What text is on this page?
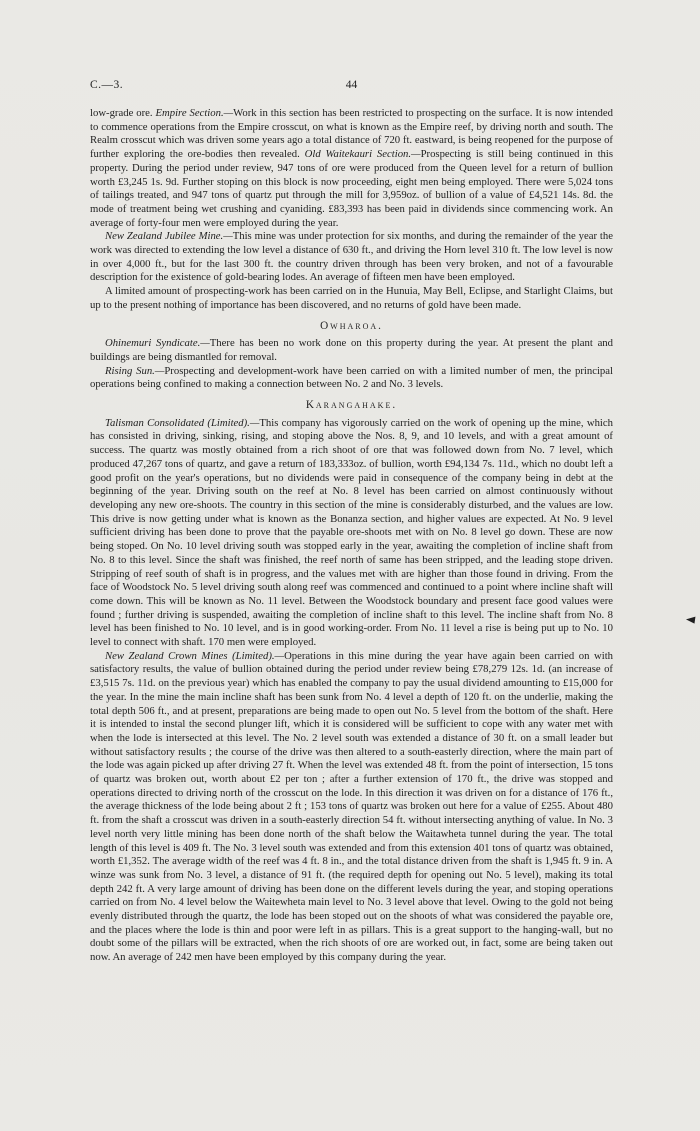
C.—3.	44

low-grade ore. Empire Section.—Work in this section has been restricted to prospecting on the surface. It is now intended to commence operations from the Empire crosscut, on what is known as the Empire reef, by driving north and south. The Realm crosscut which was driven some years ago a total distance of 720 ft. eastward, is being reopened for the purpose of further exploring the ore-bodies then revealed. Old Waitekauri Section.—Prospecting is still being continued in this property. During the period under review, 947 tons of ore were produced from the Queen level for a return of bullion worth £3,245 1s. 9d. Further stoping on this block is now proceeding, eight men being employed. There were 5,024 tons of tailings treated, and 947 tons of quartz put through the mill for 3,959oz. of bullion of a value of £4,521 14s. 8d. the mode of treatment being wet crushing and cyaniding. £83,393 has been paid in dividends since commencing work. An average of forty-four men were employed during the year.

New Zealand Jubilee Mine.—This mine was under protection for six months, and during the remainder of the year the work was directed to extending the low level a distance of 630 ft., and driving the Horn level 310 ft. The low level is now in over 4,000 ft., but for the last 300 ft. the country driven through has been very broken, and not of a favourable description for the existence of gold-bearing lodes. An average of fifteen men have been employed.

A limited amount of prospecting-work has been carried on in the Hunuia, May Bell, Eclipse, and Starlight Claims, but up to the present nothing of importance has been discovered, and no returns of gold have been made.

Owharoa.

Ohinemuri Syndicate.—There has been no work done on this property during the year. At present the plant and buildings are being dismantled for removal.

Rising Sun.—Prospecting and development-work have been carried on with a limited number of men, the principal operations being confined to making a connection between No. 2 and No. 3 levels.

Karangahake.

Talisman Consolidated (Limited).—This company has vigorously carried on the work of opening up the mine, which has consisted in driving, sinking, rising, and stoping above the Nos. 8, 9, and 10 levels, and with a great amount of success. The quartz was mostly obtained from a rich shoot of ore that was followed down from No. 7 level, which produced 47,267 tons of quartz, and gave a return of 183,333oz. of bullion, worth £94,134 7s. 11d., which no doubt left a good profit on the year's operations, but no dividends were paid in consequence of the company being in debt at the beginning of the year. Driving south on the reef at No. 8 level has been carried on almost continuously without developing any new ore-shoots. The country in this section of the mine is considerably disturbed, and the values are low. This drive is now getting under what is known as the Bonanza section, and higher values are expected. At No. 9 level sufficient driving has been done to prove that the payable ore-shoots met with on No. 8 level go down. These are now being stoped. On No. 10 level driving south was stopped early in the year, awaiting the completion of incline shaft from No. 8 to this level. Since the shaft was finished, the reef north of same has been stripped, and the leading stope driven. Stripping of reef south of shaft is in progress, and the values met with are higher than those found in driving. From the face of Woodstock No. 5 level driving south along reef was commenced and continued to a point where incline shaft will come down. This will be known as No. 11 level. Between the Woodstock boundary and present face good values were found ; further driving is suspended, awaiting the completion of incline shaft to this level. The incline shaft from No. 8 level has been finished to No. 10 level, and is in good working-order. From No. 11 level a rise is being put up to No. 10 level to connect with shaft. 170 men were employed.

New Zealand Crown Mines (Limited).—Operations in this mine during the year have again been carried on with satisfactory results, the value of bullion obtained during the period under review being £78,279 12s. 1d. (an increase of £3,515 7s. 11d. on the previous year) which has enabled the company to pay the usual dividend amounting to £15,000 for the year. In the mine the main incline shaft has been sunk from No. 4 level a depth of 120 ft. on the underlie, making the total depth 506 ft., and at present, preparations are being made to open out No. 5 level from the bottom of the shaft. Here it is intended to instal the second plunger lift, which it is considered will be sufficient to cope with any water met with when the lode is intersected at this level. The No. 2 level south was extended a distance of 30 ft. on a small leader but without satisfactory results ; the course of the drive was then altered to a south-easterly direction, where the main part of the lode was again picked up after driving 27 ft. When the level was extended 48 ft. from the point of intersection, 15 tons of quartz was broken out, worth about £2 per ton ; after a further extension of 170 ft., the drive was stopped and operations directed to driving north of the crosscut on the lode. In this direction it was driven on for a distance of 176 ft., the average thickness of the lode being about 2 ft ; 153 tons of quartz was broken out here for a value of £255. About 480 ft. from the shaft a crosscut was driven in a south-easterly direction 54 ft. without intersecting anything of value. In No. 3 level north very little mining has been done north of the shaft below the Waitawheta tunnel during the year. The total length of this level is 409 ft. The No. 3 level south was extended and from this extension 401 tons of quartz was obtained, worth £1,352. The average width of the reef was 4 ft. 8 in., and the total distance driven from the shaft is 1,945 ft. 9 in. A winze was sunk from No. 3 level, a distance of 91 ft. (the required depth for opening out No. 5 level), making its total depth 242 ft. A very large amount of driving has been done on the different levels during the year, and stoping operations carried on from No. 4 level below the Waitewheta main level to No. 3 level above that level. Owing to the gold not being evenly distributed through the quartz, the lode has been stoped out on the shoots of what was considered the payable ore, and the places where the lode is thin and poor were left in as pillars. This is a great support to the hanging-wall, but no doubt some of the pillars will be extracted, when the rich shoots of ore are worked out, in fact, some are being taken out now. An average of 242 men have been employed by this company during the year.
